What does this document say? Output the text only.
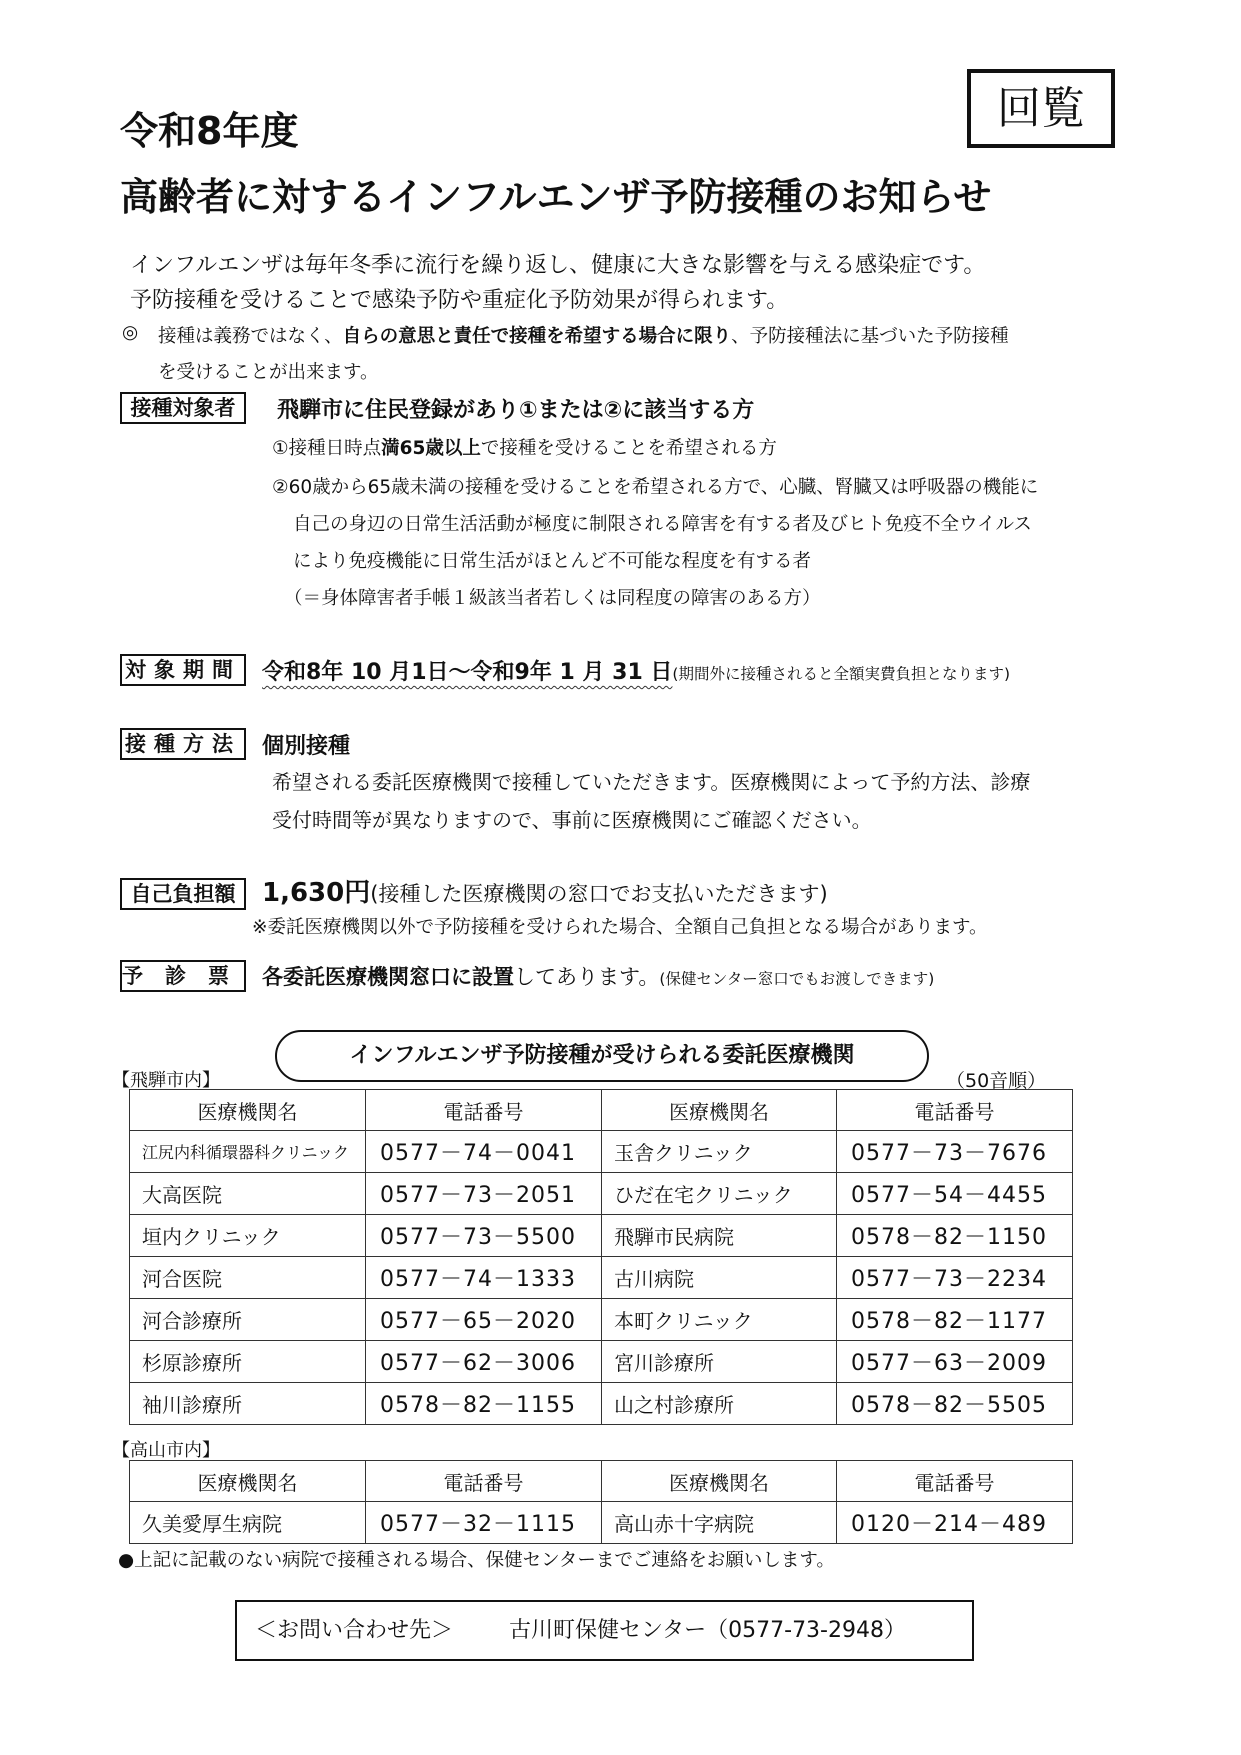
回覧
令和8年度
高齢者に対するインフルエンザ予防接種のお知らせ
インフルエンザは毎年冬季に流行を繰り返し、健康に大きな影響を与える感染症です。
予防接種を受けることで感染予防や重症化予防効果が得られます。
◎ 接種は義務ではなく、自らの意思と責任で接種を希望する場合に限り、予防接種法に基づいた予防接種
を受けることが出来ます。
接種対象者	飛騨市に住民登録があり①または②に該当する方
①接種日時点満65歳以上で接種を受けることを希望される方
②60歳から65歳未満の接種を受けることを希望される方で、心臓、腎臓又は呼吸器の機能に
自己の身辺の日常生活活動が極度に制限される障害を有する者及びヒト免疫不全ウイルス
により免疫機能に日常生活がほとんど不可能な程度を有する者
（＝身体障害者手帳１級該当者若しくは同程度の障害のある方）
対象期間 令和8年 10 月1日～令和9年 1 月 31 日(期間外に接種されると全額実費負担となります)
接種方法 個別接種
希望される委託医療機関で接種していただきます。医療機関によって予約方法、診療
受付時間等が異なりますので、事前に医療機関にご確認ください。
自己負担額	1,630円(接種した医療機関の窓口でお支払いただきます)
※委託医療機関以外で予防接種を受けられた場合、全額自己負担となる場合があります。
予診票 各委託医療機関窓口に設置してあります。(保健センター窓口でもお渡しできます)
インフルエンザ予防接種が受けられる委託医療機関
【飛騨市内】	（50音順）
医療機関名	電話番号	医療機関名	電話番号
江尻内科循環器科クリニック	0577－74－0041	玉舎クリニック	0577－73－7676
大高医院	0577－73－2051	ひだ在宅クリニック	0577－54－4455
垣内クリニック	0577－73－5500	飛騨市民病院	0578－82－1150
河合医院	0577－74－1333	古川病院	0577－73－2234
河合診療所	0577－65－2020	本町クリニック	0578－82－1177
杉原診療所	0577－62－3006	宮川診療所	0577－63－2009
袖川診療所	0578－82－1155	山之村診療所	0578－82－5505
【高山市内】
医療機関名	電話番号	医療機関名	電話番号
久美愛厚生病院	0577－32－1115	高山赤十字病院	0120－214－489
●上記に記載のない病院で接種される場合、保健センターまでご連絡をお願いします。
＜お問い合わせ先＞	古川町保健センター（0577-73-2948）
